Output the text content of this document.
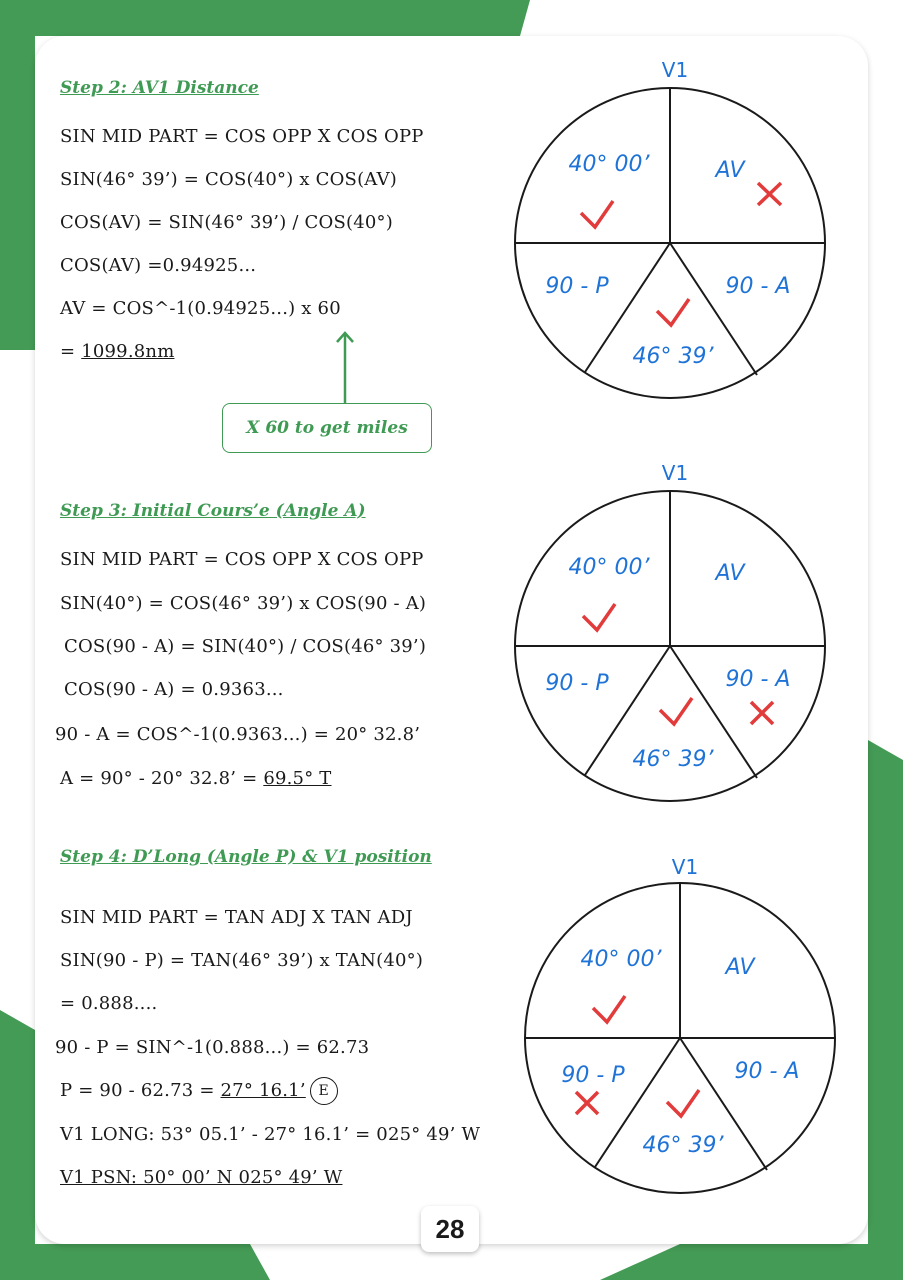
Step 2: AV1 Distance
SIN MID PART = COS OPP X COS OPP
SIN(46° 39’) = COS(40°) x COS(AV)
COS(AV) = SIN(46° 39’) / COS(40°)
COS(AV) =0.94925...
AV = COS^-1(0.94925...) x 60
= 1099.8nm
X 60 to get miles
Step 3: Initial Cours’e (Angle A)
SIN MID PART = COS OPP X COS OPP
SIN(40°) = COS(46° 39’) x COS(90 - A)
COS(90 - A) = SIN(40°) / COS(46° 39’)
COS(90 - A) = 0.9363...
90 - A = COS^-1(0.9363...) = 20° 32.8’
A = 90° - 20° 32.8’ = 69.5° T
Step 4: D’Long (Angle P) & V1 position
SIN MID PART = TAN ADJ X TAN ADJ
SIN(90 - P) = TAN(46° 39’) x TAN(40°)
= 0.888....
90 - P = SIN^-1(0.888...) = 62.73
P = 90 - 62.73 = 27° 16.1’ E
V1 LONG: 53° 05.1’ - 27° 16.1’ = 025° 49’ W
V1 PSN: 50° 00’ N 025° 49’ W
V1
40° 00’	AV
90 - P	90 - A
46° 39’
V1
40° 00’	AV
90 - P	90 - A
46° 39’
V1
40° 00’	AV
90 - P	90 - A
46° 39’
28
